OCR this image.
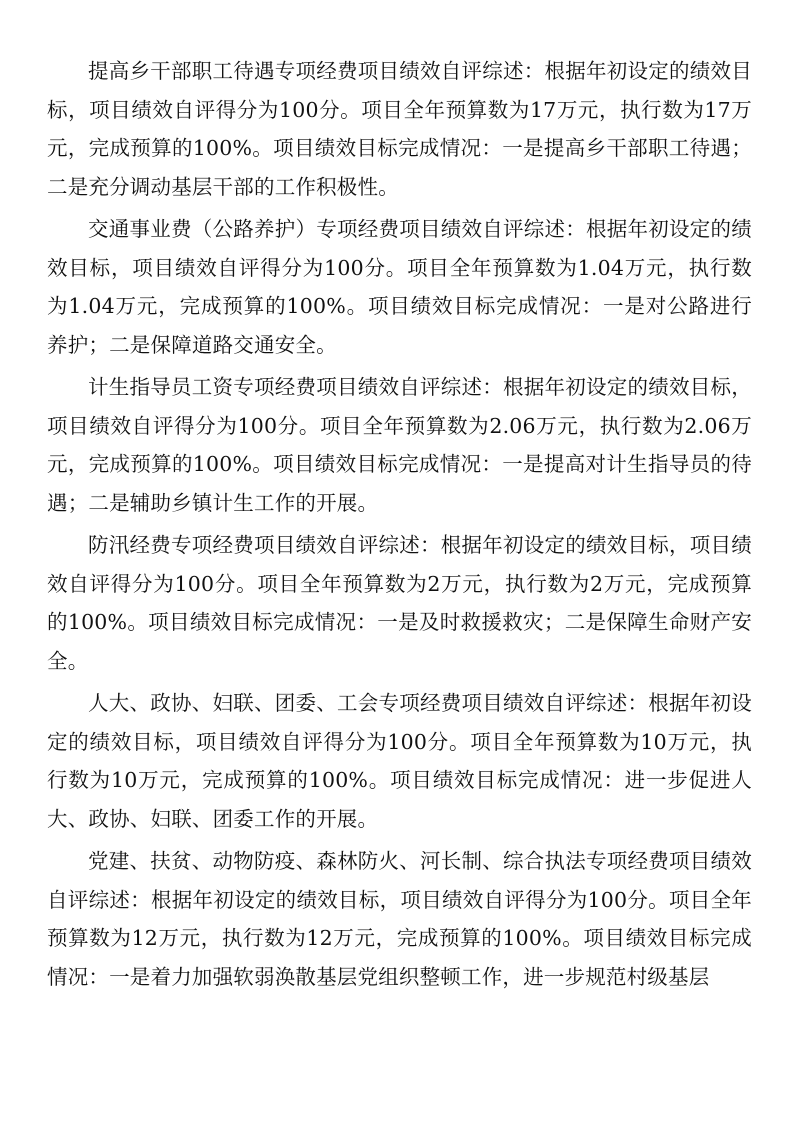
提高乡干部职工待遇专项经费项目绩效自评综述：根据年初设定的绩效目标，项目绩效自评得分为100分。项目全年预算数为17万元，执行数为17万元，完成预算的100%。项目绩效目标完成情况：一是提高乡干部职工待遇；二是充分调动基层干部的工作积极性。

交通事业费（公路养护）专项经费项目绩效自评综述：根据年初设定的绩效目标，项目绩效自评得分为100分。项目全年预算数为1.04万元，执行数为1.04万元，完成预算的100%。项目绩效目标完成情况：一是对公路进行养护；二是保障道路交通安全。

计生指导员工资专项经费项目绩效自评综述：根据年初设定的绩效目标，项目绩效自评得分为100分。项目全年预算数为2.06万元，执行数为2.06万元，完成预算的100%。项目绩效目标完成情况：一是提高对计生指导员的待遇；二是辅助乡镇计生工作的开展。

防汛经费专项经费项目绩效自评综述：根据年初设定的绩效目标，项目绩效自评得分为100分。项目全年预算数为2万元，执行数为2万元，完成预算的100%。项目绩效目标完成情况：一是及时救援救灾；二是保障生命财产安全。

人大、政协、妇联、团委、工会专项经费项目绩效自评综述：根据年初设定的绩效目标，项目绩效自评得分为100分。项目全年预算数为10万元，执行数为10万元，完成预算的100%。项目绩效目标完成情况：进一步促进人大、政协、妇联、团委工作的开展。

党建、扶贫、动物防疫、森林防火、河长制、综合执法专项经费项目绩效自评综述：根据年初设定的绩效目标，项目绩效自评得分为100分。项目全年预算数为12万元，执行数为12万元，完成预算的100%。项目绩效目标完成情况：一是着力加强软弱涣散基层党组织整顿工作，进一步规范村级基层
